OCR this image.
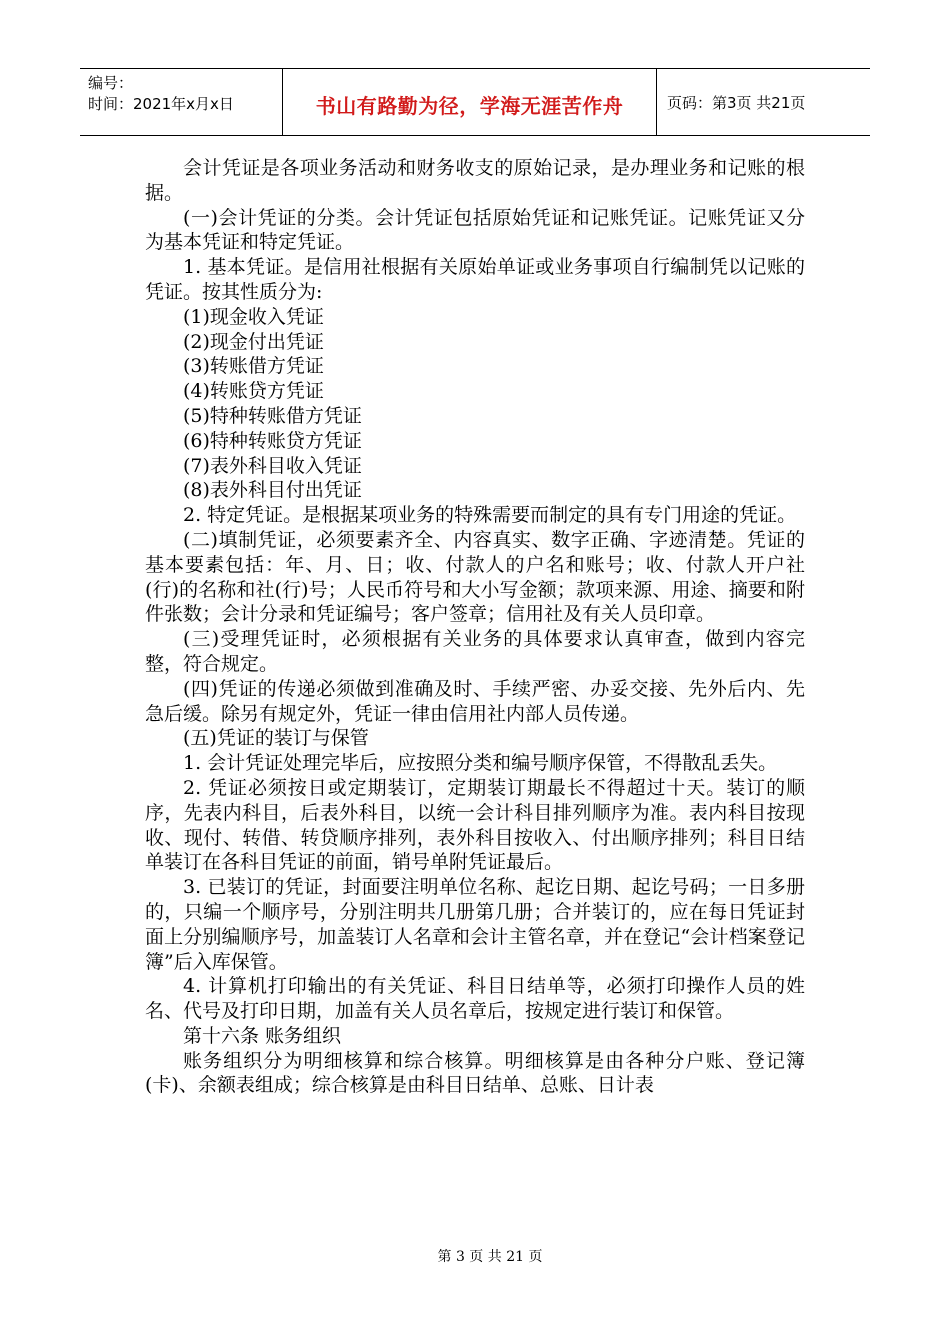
编号：
时间：2021年x月x日	书山有路勤为径，学海无涯苦作舟	页码：第3页 共21页

会计凭证是各项业务活动和财务收支的原始记录，是办理业务和记账的根据。

(一)会计凭证的分类。会计凭证包括原始凭证和记账凭证。记账凭证又分为基本凭证和特定凭证。

1. 基本凭证。是信用社根据有关原始单证或业务事项自行编制凭以记账的凭证。按其性质分为:

(1)现金收入凭证

(2)现金付出凭证

(3)转账借方凭证

(4)转账贷方凭证

(5)特种转账借方凭证

(6)特种转账贷方凭证

(7)表外科目收入凭证

(8)表外科目付出凭证

2. 特定凭证。是根据某项业务的特殊需要而制定的具有专门用途的凭证。

(二)填制凭证，必须要素齐全、内容真实、数字正确、字迹清楚。凭证的基本要素包括：年、月、日；收、付款人的户名和账号；收、付款人开户社(行)的名称和社(行)号；人民币符号和大小写金额；款项来源、用途、摘要和附件张数；会计分录和凭证编号；客户签章；信用社及有关人员印章。

(三)受理凭证时，必须根据有关业务的具体要求认真审查，做到内容完整，符合规定。

(四)凭证的传递必须做到准确及时、手续严密、办妥交接、先外后内、先急后缓。除另有规定外，凭证一律由信用社内部人员传递。

(五)凭证的装订与保管

1. 会计凭证处理完毕后，应按照分类和编号顺序保管，不得散乱丢失。

2. 凭证必须按日或定期装订，定期装订期最长不得超过十天。装订的顺序，先表内科目，后表外科目，以统一会计科目排列顺序为准。表内科目按现收、现付、转借、转贷顺序排列，表外科目按收入、付出顺序排列；科目日结单装订在各科目凭证的前面，销号单附凭证最后。

3. 已装订的凭证，封面要注明单位名称、起讫日期、起讫号码；一日多册的，只编一个顺序号，分别注明共几册第几册；合并装订的，应在每日凭证封面上分别编顺序号，加盖装订人名章和会计主管名章，并在登记“会计档案登记簿”后入库保管。

4. 计算机打印输出的有关凭证、科目日结单等，必须打印操作人员的姓名、代号及打印日期，加盖有关人员名章后，按规定进行装订和保管。

第十六条 账务组织

账务组织分为明细核算和综合核算。明细核算是由各种分户账、登记簿(卡)、余额表组成；综合核算是由科目日结单、总账、日计表

第 3 页 共 21 页
